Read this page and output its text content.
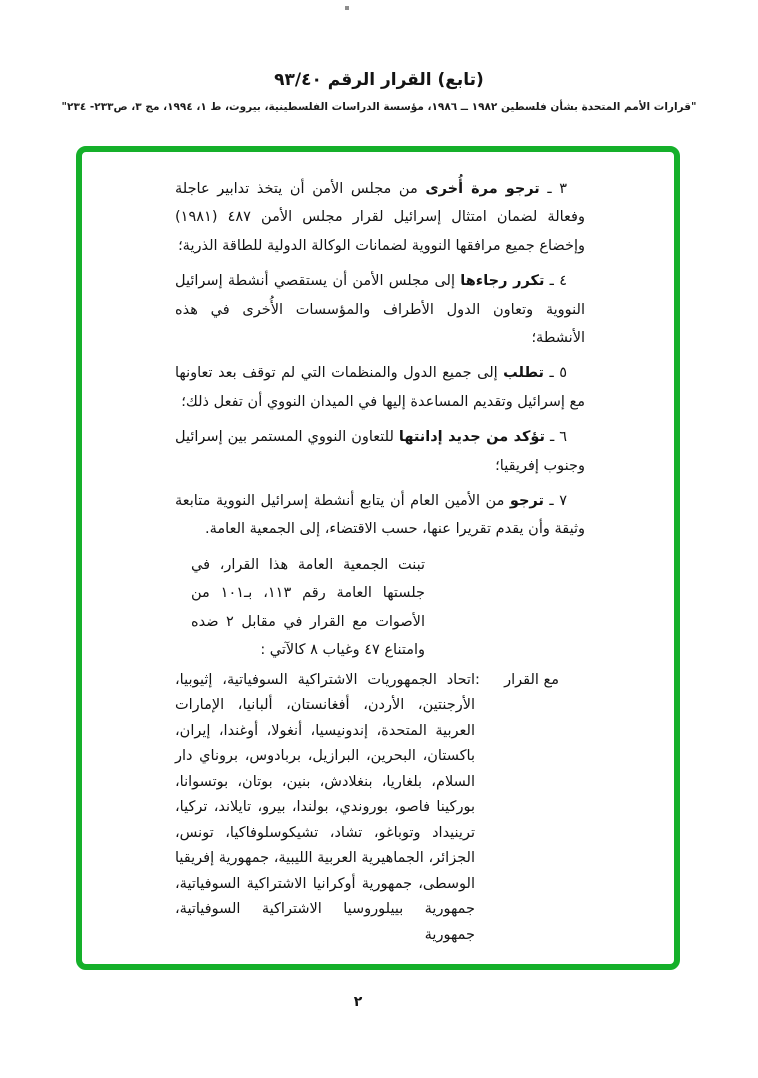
(تابع) القرار الرقم ٩٣/٤٠
"قرارات الأمم المتحدة بشأن فلسطين ١٩٨٢ ــ ١٩٨٦، مؤسسة الدراسات الفلسطينية، بيروت، ط ١، ١٩٩٤، مج ٣، ص٢٣٣- ٢٣٤"

٣ ـ ترجو مرة أُخرى من مجلس الأمن أن يتخذ تدابير عاجلة وفعالة لضمان امتثال إسرائيل لقرار مجلس الأمن ٤٨٧ (١٩٨١) وإخضاع جميع مرافقها النووية لضمانات الوكالة الدولية للطاقة الذرية؛

٤ ـ تكرر رجاءها إلى مجلس الأمن أن يستقصي أنشطة إسرائيل النووية وتعاون الدول الأطراف والمؤسسات الأُخرى في هذه الأنشطة؛

٥ ـ تطلب إلى جميع الدول والمنظمات التي لم توقف بعد تعاونها مع إسرائيل وتقديم المساعدة إليها في الميدان النووي أن تفعل ذلك؛

٦ ـ تؤكد من جديد إدانتها للتعاون النووي المستمر بين إسرائيل وجنوب إفريقيا؛

٧ ـ ترجو من الأمين العام أن يتابع أنشطة إسرائيل النووية متابعة وثيقة وأن يقدم تقريرا عنها، حسب الاقتضاء، إلى الجمعية العامة.

تبنت الجمعية العامة هذا القرار، في جلستها العامة رقم ١١٣، بـ١٠١ من الأصوات مع القرار في مقابل ٢ ضده وامتناع ٤٧ وغياب ٨ كالآتي :
مع القرار
:
اتحاد الجمهوريات الاشتراكية السوفياتية، إثيوبيا، الأرجنتين، الأردن، أفغانستان، ألبانيا، الإمارات العربية المتحدة، إندونيسيا، أنغولا، أوغندا، إيران، باكستان، البحرين، البرازيل، بربادوس، بروناي دار السلام، بلغاريا، بنغلادش، بنين، بوتان، بوتسوانا، بوركينا فاصو، بوروندي، بولندا، بيرو، تايلاند، تركيا، ترينيداد وتوباغو، تشاد، تشيكوسلوفاكيا، تونس، الجزائر، الجماهيرية العربية الليبية، جمهورية إفريقيا الوسطى، جمهورية أوكرانيا الاشتراكية السوفياتية، جمهورية بييلوروسيا الاشتراكية السوفياتية، جمهورية
٢
